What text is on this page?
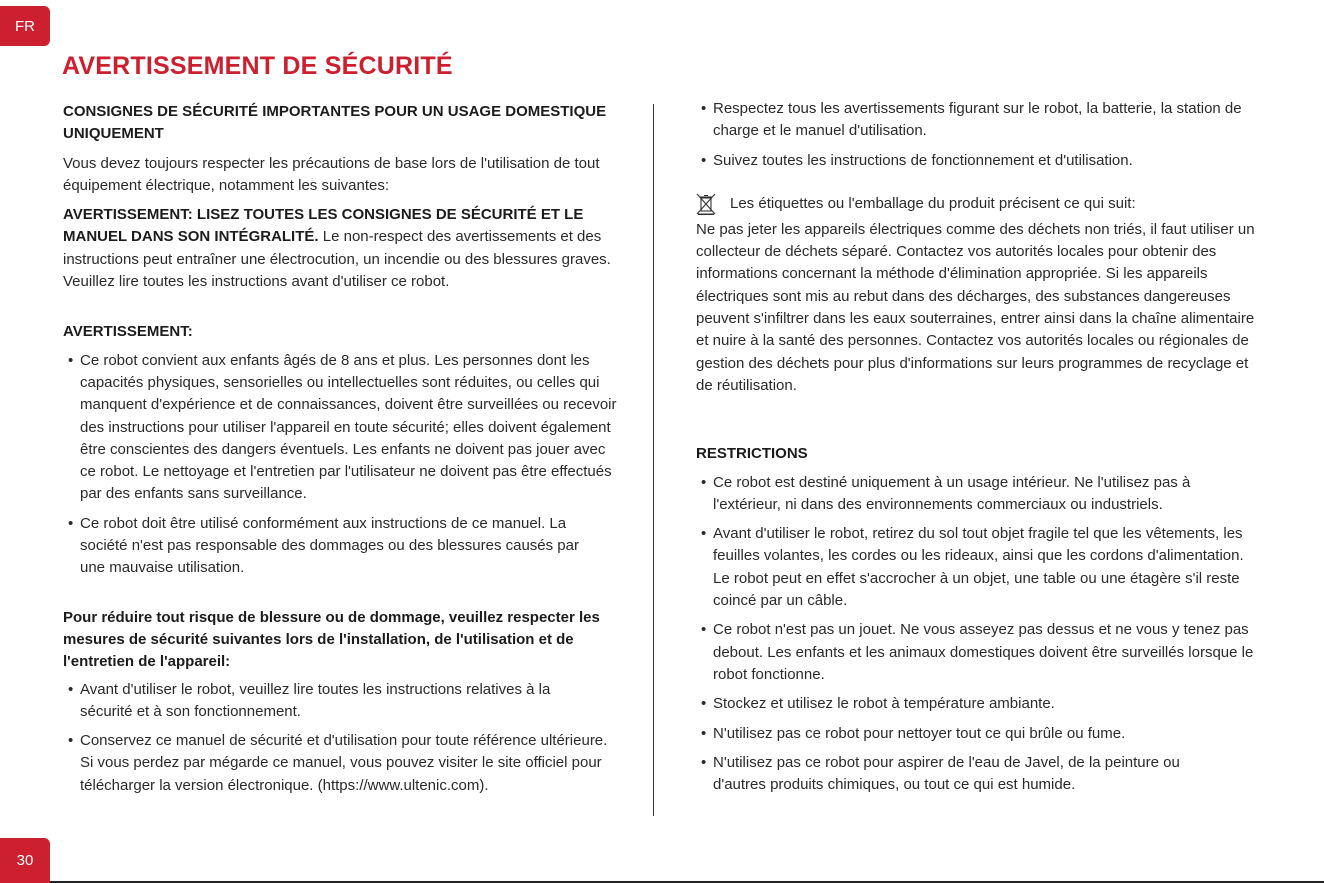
FR
AVERTISSEMENT DE SÉCURITÉ

CONSIGNES DE SÉCURITÉ IMPORTANTES POUR UN USAGE DOMESTIQUE UNIQUEMENT

Vous devez toujours respecter les précautions de base lors de l'utilisation de tout équipement électrique, notamment les suivantes:

AVERTISSEMENT: LISEZ TOUTES LES CONSIGNES DE SÉCURITÉ ET LE MANUEL DANS SON INTÉGRALITÉ. Le non-respect des avertissements et des instructions peut entraîner une électrocution, un incendie ou des blessures graves. Veuillez lire toutes les instructions avant d'utiliser ce robot.

AVERTISSEMENT:

• Ce robot convient aux enfants âgés de 8 ans et plus. Les personnes dont les capacités physiques, sensorielles ou intellectuelles sont réduites, ou celles qui manquent d'expérience et de connaissances, doivent être surveillées ou recevoir des instructions pour utiliser l'appareil en toute sécurité; elles doivent également être conscientes des dangers éventuels. Les enfants ne doivent pas jouer avec ce robot. Le nettoyage et l'entretien par l'utilisateur ne doivent pas être effectués par des enfants sans surveillance.
• Ce robot doit être utilisé conformément aux instructions de ce manuel. La société n'est pas responsable des dommages ou des blessures causés par une mauvaise utilisation.

Pour réduire tout risque de blessure ou de dommage, veuillez respecter les mesures de sécurité suivantes lors de l'installation, de l'utilisation et de l'entretien de l'appareil:

• Avant d'utiliser le robot, veuillez lire toutes les instructions relatives à la sécurité et à son fonctionnement.
• Conservez ce manuel de sécurité et d'utilisation pour toute référence ultérieure. Si vous perdez par mégarde ce manuel, vous pouvez visiter le site officiel pour télécharger la version électronique. (https://www.ultenic.com).
• Respectez tous les avertissements figurant sur le robot, la batterie, la station de charge et le manuel d'utilisation.
• Suivez toutes les instructions de fonctionnement et d'utilisation.
Les étiquettes ou l'emballage du produit précisent ce qui suit:

Ne pas jeter les appareils électriques comme des déchets non triés, il faut utiliser un collecteur de déchets séparé. Contactez vos autorités locales pour obtenir des informations concernant la méthode d'élimination appropriée. Si les appareils électriques sont mis au rebut dans des décharges, des substances dangereuses peuvent s'infiltrer dans les eaux souterraines, entrer ainsi dans la chaîne alimentaire et nuire à la santé des personnes. Contactez vos autorités locales ou régionales de gestion des déchets pour plus d'informations sur leurs programmes de recyclage et de réutilisation.

RESTRICTIONS

• Ce robot est destiné uniquement à un usage intérieur. Ne l'utilisez pas à l'extérieur, ni dans des environnements commerciaux ou industriels.
• Avant d'utiliser le robot, retirez du sol tout objet fragile tel que les vêtements, les feuilles volantes, les cordes ou les rideaux, ainsi que les cordons d'alimentation. Le robot peut en effet s'accrocher à un objet, une table ou une étagère s'il reste coincé par un câble.
• Ce robot n'est pas un jouet. Ne vous asseyez pas dessus et ne vous y tenez pas debout. Les enfants et les animaux domestiques doivent être surveillés lorsque le robot fonctionne.
• Stockez et utilisez le robot à température ambiante.
• N'utilisez pas ce robot pour nettoyer tout ce qui brûle ou fume.
• N'utilisez pas ce robot pour aspirer de l'eau de Javel, de la peinture ou d'autres produits chimiques, ou tout ce qui est humide.
30
